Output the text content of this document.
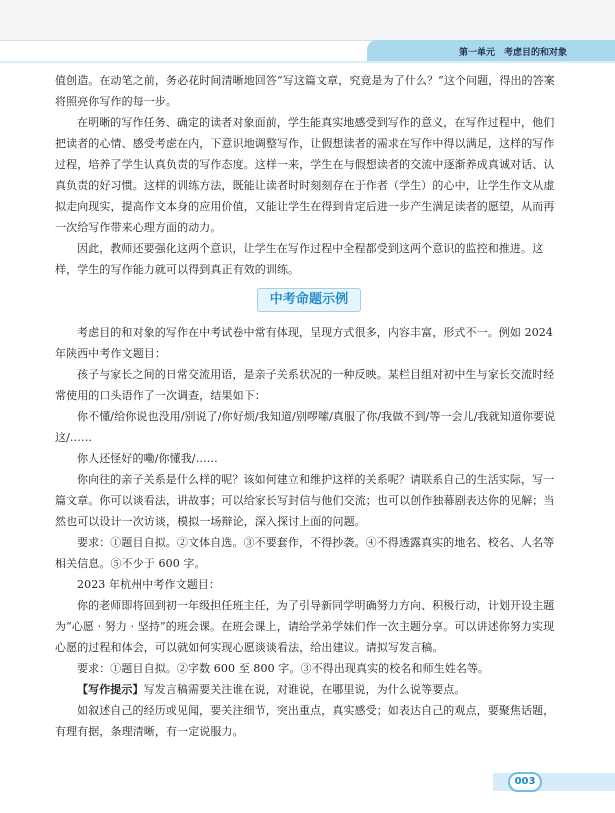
第一单元　考虑目的和对象

值创造。在动笔之前，务必花时间清晰地回答“写这篇文章，究竟是为了什么？”这个问题，得出的答案将照亮你写作的每一步。

在明晰的写作任务、确定的读者对象面前，学生能真实地感受到写作的意义，在写作过程中，他们把读者的心情、感受考虑在内，下意识地调整写作，让假想读者的需求在写作中得以满足，这样的写作过程，培养了学生认真负责的写作态度。这样一来，学生在与假想读者的交流中逐渐养成真诚对话、认真负责的好习惯。这样的训练方法，既能让读者时时刻刻存在于作者（学生）的心中，让学生作文从虚拟走向现实，提高作文本身的应用价值，又能让学生在得到肯定后进一步产生满足读者的愿望，从而再一次给写作带来心理方面的动力。

因此，教师还要强化这两个意识，让学生在写作过程中全程都受到这两个意识的监控和推进。这样，学生的写作能力就可以得到真正有效的训练。

中考命题示例

考虑目的和对象的写作在中考试卷中常有体现，呈现方式很多，内容丰富，形式不一。例如 2024 年陕西中考作文题目：

孩子与家长之间的日常交流用语，是亲子关系状况的一种反映。某栏目组对初中生与家长交流时经常使用的口头语作了一次调查，结果如下：

你不懂/给你说也没用/别说了/你好烦/我知道/别啰嗦/真服了你/我做不到/等一会儿/我就知道你要说这/……

你人还怪好的嘞/你懂我/……

你向往的亲子关系是什么样的呢？该如何建立和维护这样的关系呢？请联系自己的生活实际，写一篇文章。你可以谈看法，讲故事；可以给家长写封信与他们交流；也可以创作独幕剧表达你的见解；当然也可以设计一次访谈，模拟一场辩论，深入探讨上面的问题。

要求：①题目自拟。②文体自选。③不要套作，不得抄袭。④不得透露真实的地名、校名、人名等相关信息。⑤不少于 600 字。

2023 年杭州中考作文题目：

你的老师即将回到初一年级担任班主任，为了引导新同学明确努力方向、积极行动，计划开设主题为“心愿 · 努力 · 坚持”的班会课。在班会课上，请给学弟学妹们作一次主题分享。可以讲述你努力实现心愿的过程和体会，可以就如何实现心愿谈谈看法，给出建议。请拟写发言稿。

要求：①题目自拟。②字数 600 至 800 字。③不得出现真实的校名和师生姓名等。

【写作提示】写发言稿需要关注谁在说，对谁说，在哪里说，为什么说等要点。

如叙述自己的经历或见闻，要关注细节，突出重点，真实感受；如表达自己的观点，要聚焦话题，有理有据，条理清晰，有一定说服力。

003
